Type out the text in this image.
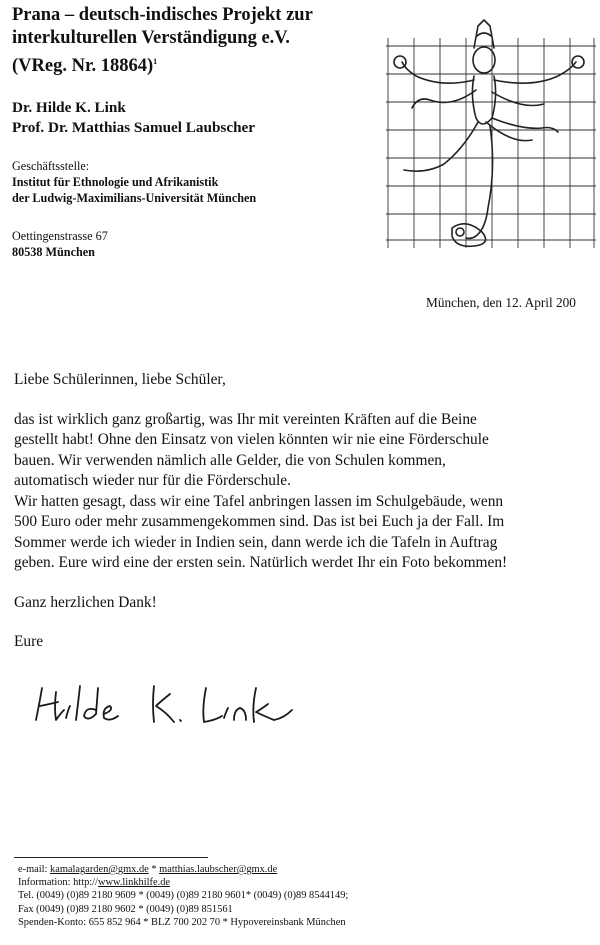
Prana – deutsch-indisches Projekt zur
interkulturellen Verständigung e.V.
(VReg. Nr. 18864)$^1$
Dr. Hilde K. Link
Prof. Dr. Matthias Samuel Laubscher
Geschäftsstelle:
Institut für Ethnologie und Afrikanistik
der Ludwig-Maximilians-Universität München
Oettingenstrasse 67
80538 München
München, den 12. April 200

Liebe Schülerinnen, liebe Schüler,

das ist wirklich ganz großartig, was Ihr mit vereinten Kräften auf die Beine

gestellt habt! Ohne den Einsatz von vielen könnten wir nie eine Förderschule

bauen. Wir verwenden nämlich alle Gelder, die von Schulen kommen,

automatisch wieder nur für die Förderschule.

Wir hatten gesagt, dass wir eine Tafel anbringen lassen im Schulgebäude, wenn

500 Euro oder mehr zusammengekommen sind. Das ist bei Euch ja der Fall. Im

Sommer werde ich wieder in Indien sein, dann werde ich die Tafeln in Auftrag

geben. Eure wird eine der ersten sein. Natürlich werdet Ihr ein Foto bekommen!

Ganz herzlichen Dank!

Eure

e-mail: kamalagarden@gmx.de * matthias.laubscher@gmx.de
Information: http://www.linkhilfe.de
Tel. (0049) (0)89 2180 9609 * (0049) (0)89 2180 9601* (0049) (0)89 8544149;
Fax (0049) (0)89 2180 9602 * (0049) (0)89 851561
Spenden-Konto: 655 852 964 * BLZ 700 202 70 * Hypovereinsbank München
